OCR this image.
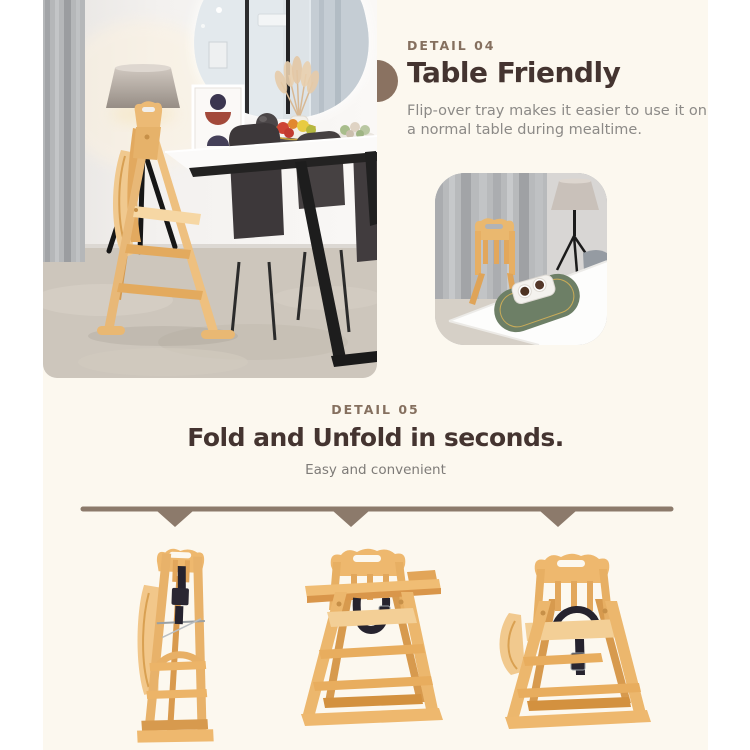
DETAIL 04
Table Friendly

Flip-over tray makes it easier to use it on a normal table during mealtime.

DETAIL 05
Fold and Unfold in seconds.
Easy and convenient
